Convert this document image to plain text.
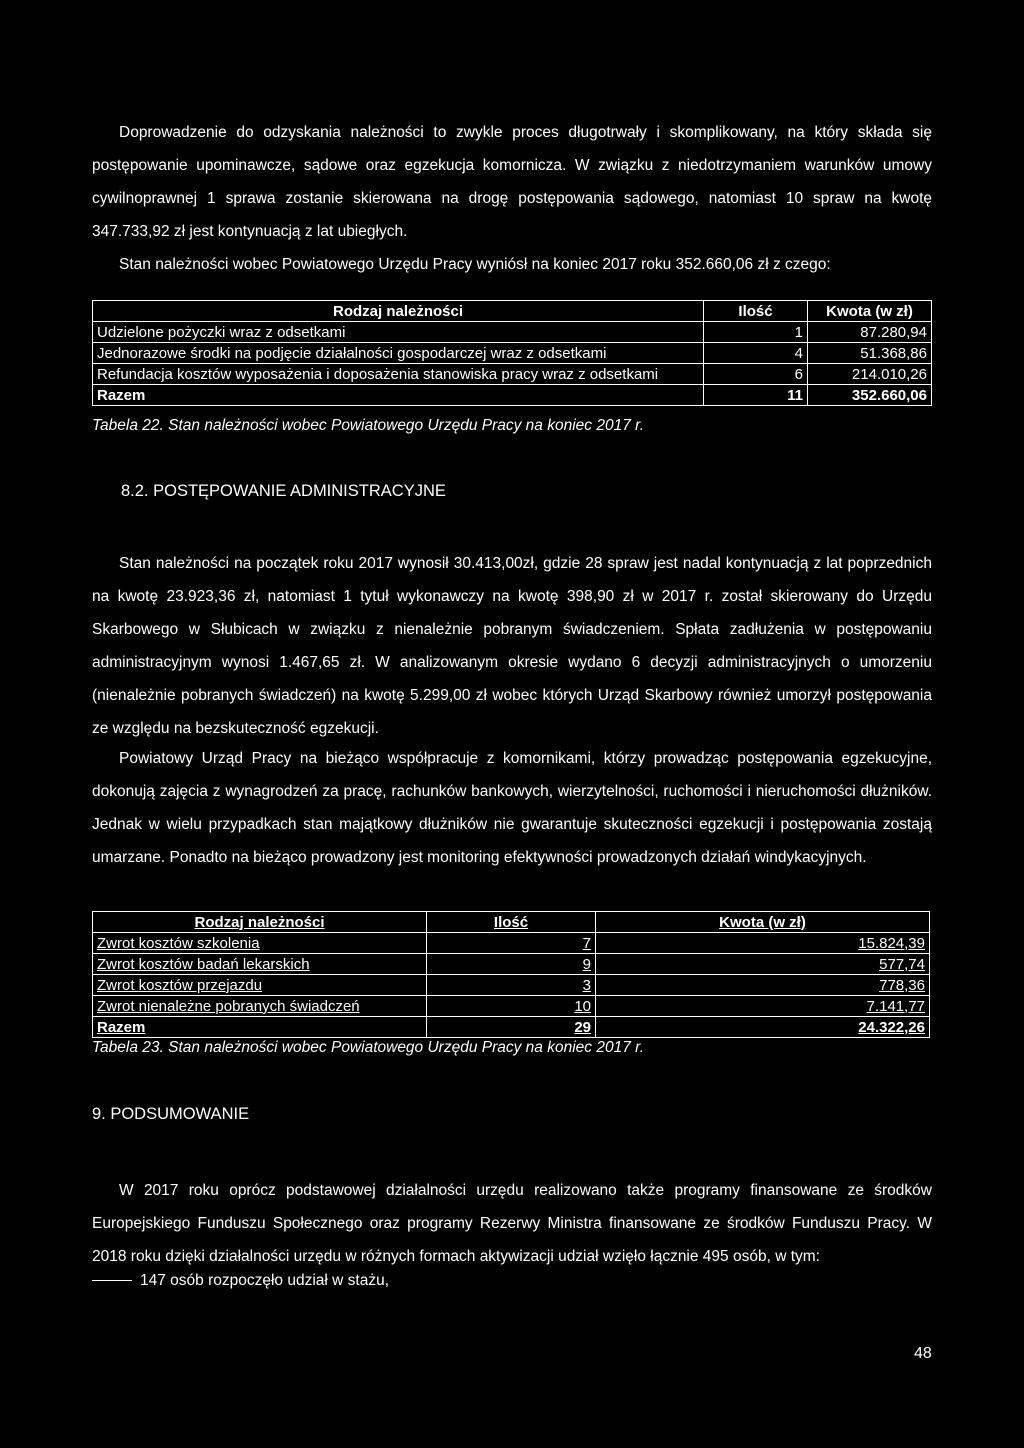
Doprowadzenie do odzyskania należności to zwykle proces długotrwały i skomplikowany, na który składa się postępowanie upominawcze, sądowe oraz egzekucja komornicza. W związku z niedotrzymaniem warunków umowy cywilnoprawnej 1 sprawa zostanie skierowana na drogę postępowania sądowego, natomiast 10 spraw na kwotę 347.733,92 zł jest kontynuacją z lat ubiegłych.

Stan należności wobec Powiatowego Urzędu Pracy wyniósł na koniec 2017 roku 352.660,06 zł z czego:

Rodzaj należności	Ilość	Kwota (w zł)
Udzielone pożyczki wraz z odsetkami	1	87.280,94
Jednorazowe środki na podjęcie działalności gospodarczej wraz z odsetkami	4	51.368,86
Refundacja kosztów wyposażenia i doposażenia stanowiska pracy wraz z odsetkami	6	214.010,26
Razem	11	352.660,06

Tabela 22. Stan należności wobec Powiatowego Urzędu Pracy na koniec 2017 r.

8.2. POSTĘPOWANIE ADMINISTRACYJNE

Stan należności na początek roku 2017 wynosił 30.413,00zł, gdzie 28 spraw jest nadal kontynuacją z lat poprzednich na kwotę 23.923,36 zł, natomiast 1 tytuł wykonawczy na kwotę 398,90 zł w 2017 r. został skierowany do Urzędu Skarbowego w Słubicach w związku z nienależnie pobranym świadczeniem. Spłata zadłużenia w postępowaniu administracyjnym wynosi 1.467,65 zł. W analizowanym okresie wydano 6 decyzji administracyjnych o umorzeniu (nienależnie pobranych świadczeń) na kwotę 5.299,00 zł wobec których Urząd Skarbowy również umorzył postępowania ze względu na bezskuteczność egzekucji.

Powiatowy Urząd Pracy na bieżąco współpracuje z komornikami, którzy prowadząc postępowania egzekucyjne, dokonują zajęcia z wynagrodzeń za pracę, rachunków bankowych, wierzytelności, ruchomości i nieruchomości dłużników. Jednak w wielu przypadkach stan majątkowy dłużników nie gwarantuje skuteczności egzekucji i postępowania zostają umarzane. Ponadto na bieżąco prowadzony jest monitoring efektywności prowadzonych działań windykacyjnych.

Rodzaj należności	Ilość	Kwota (w zł)
Zwrot kosztów szkolenia	7	15.824,39
Zwrot kosztów badań lekarskich	9	577,74
Zwrot kosztów przejazdu	3	778,36
Zwrot nienależne pobranych świadczeń	10	7.141,77
Razem	29	24.322,26

Tabela 23. Stan należności wobec Powiatowego Urzędu Pracy na koniec 2017 r.

9. PODSUMOWANIE

W 2017 roku oprócz podstawowej działalności urzędu realizowano także programy finansowane ze środków Europejskiego Funduszu Społecznego oraz programy Rezerwy Ministra finansowane ze środków Funduszu Pracy. W 2018 roku dzięki działalności urzędu w różnych formach aktywizacji udział wzięło łącznie 495 osób, w tym:

147 osób rozpoczęło udział w stażu,
48
